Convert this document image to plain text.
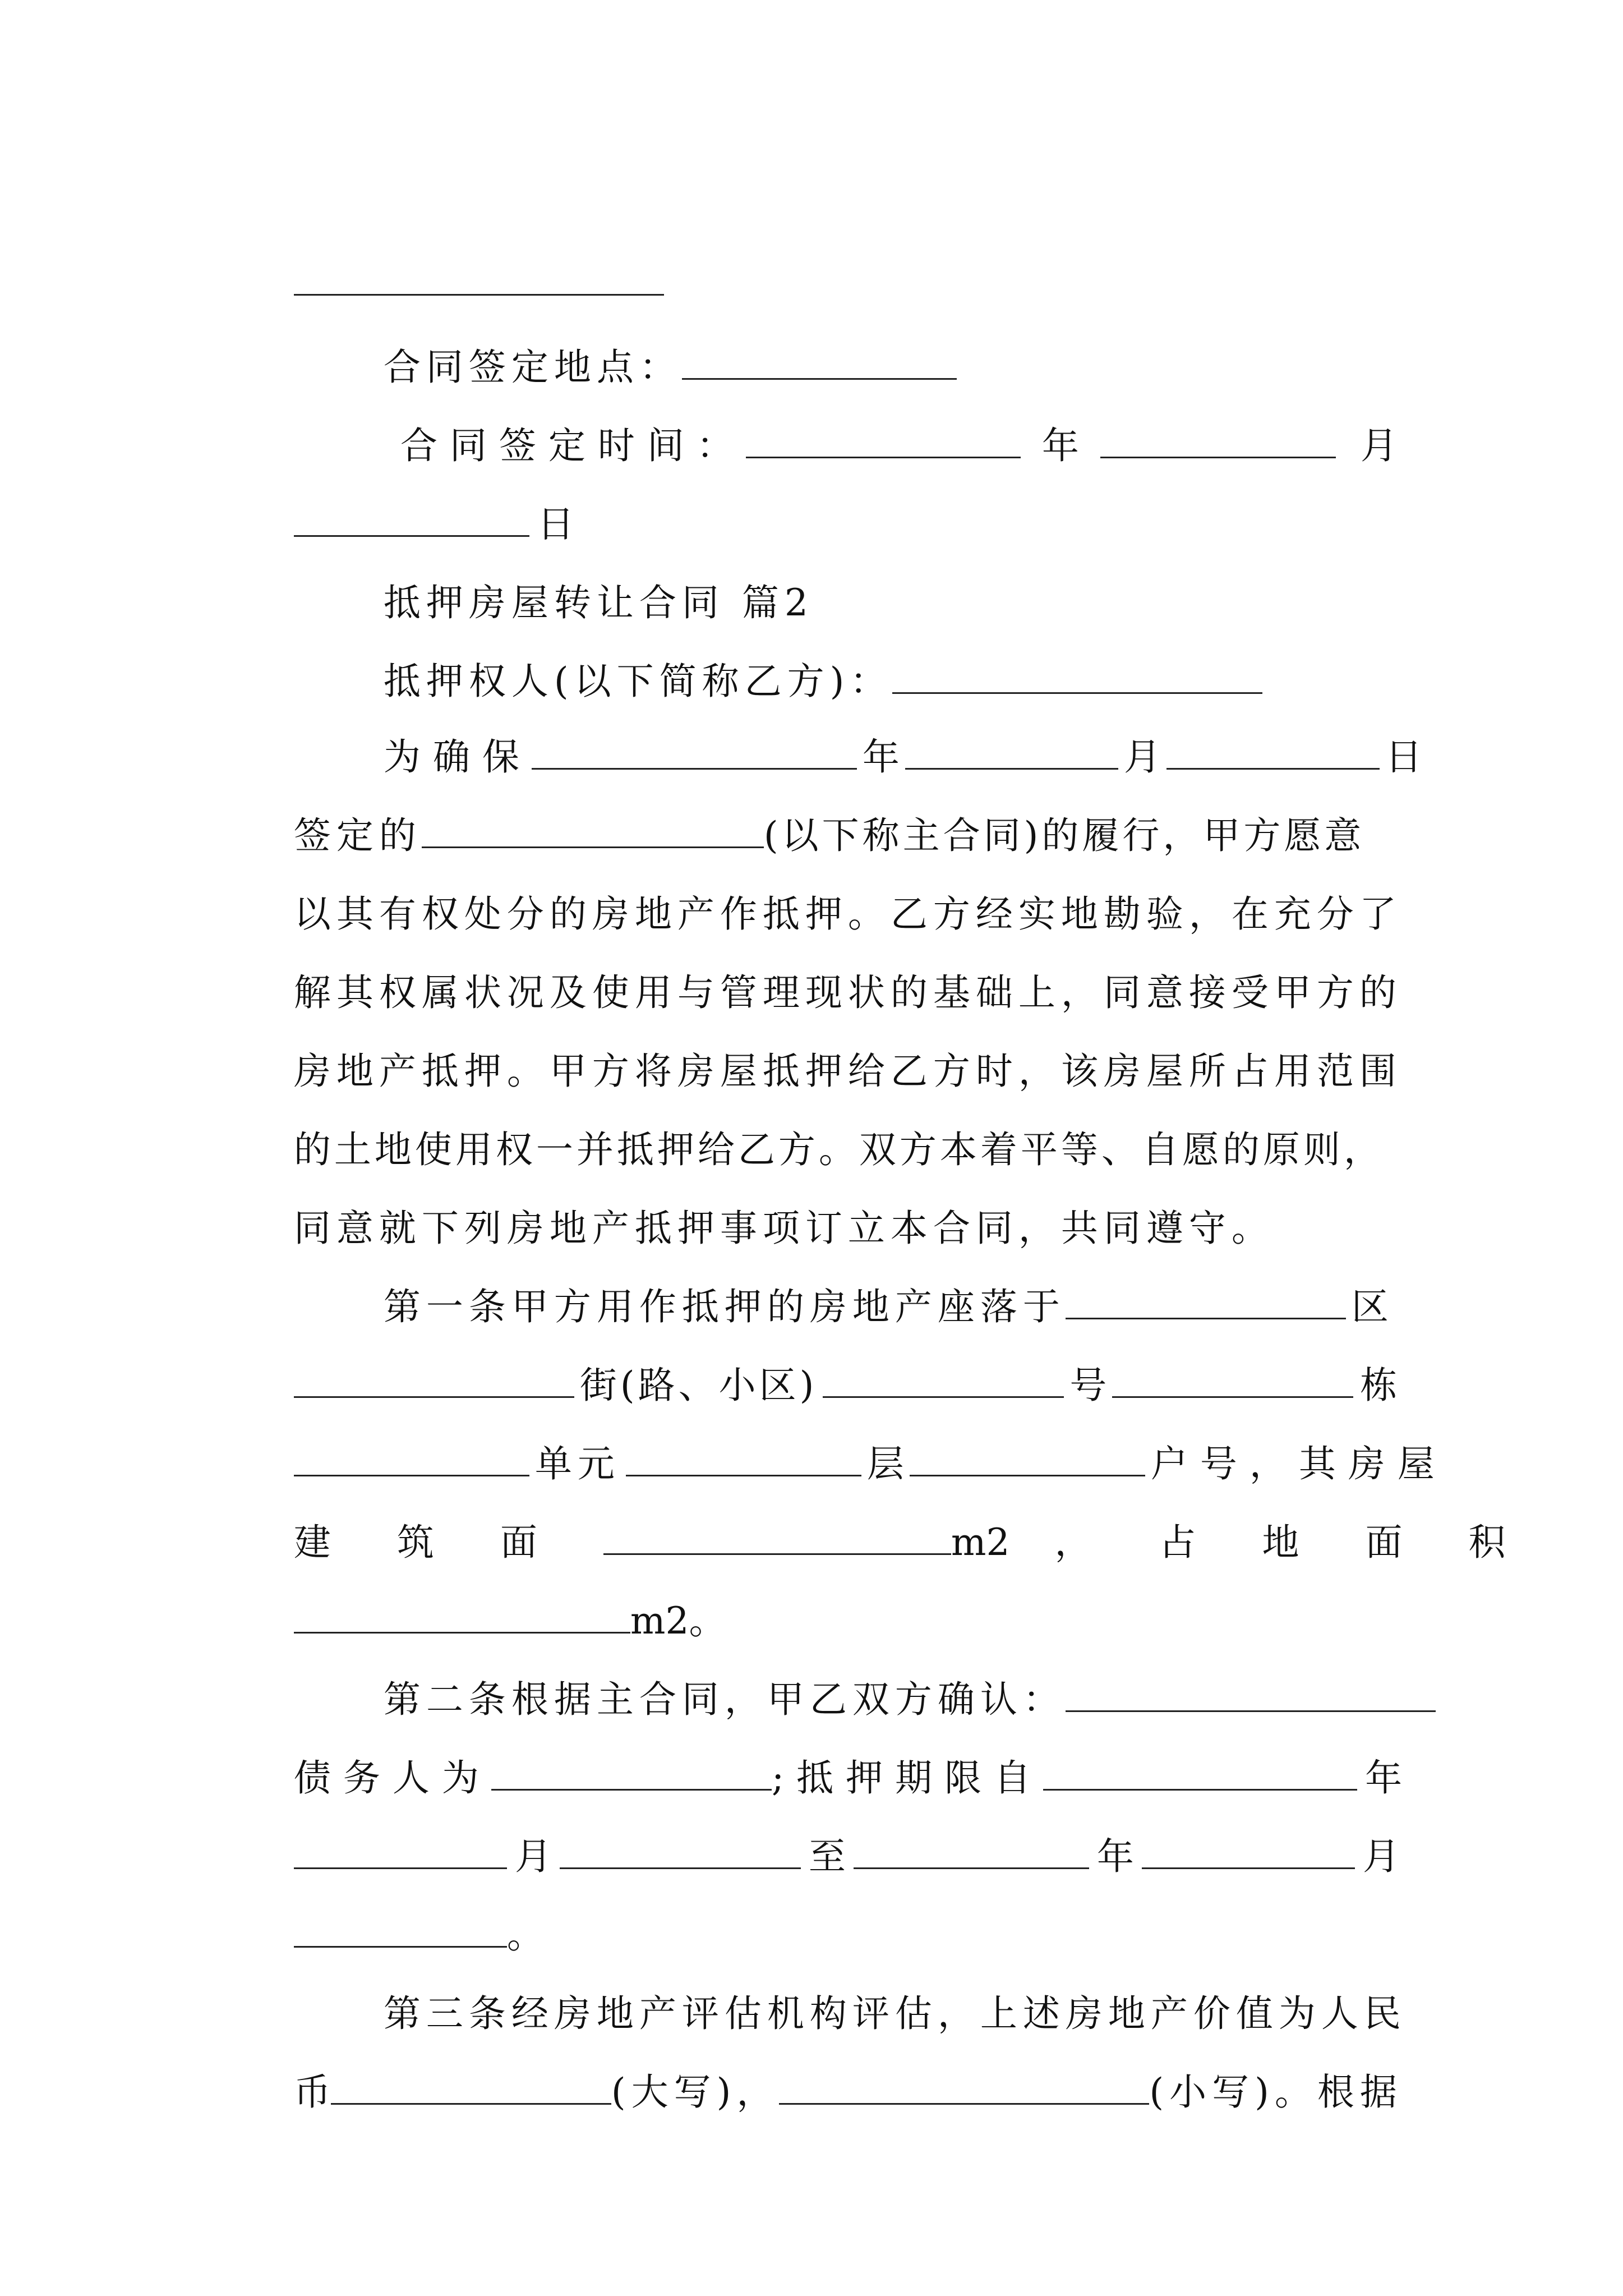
合同签定地点：

合同签定时间：	年	月

日

抵押房屋转让合同 篇2

抵押权人(以下简称乙方)：

为确保	年	月	日

签定的	(以下称主合同)的履行，甲方愿意

以其有权处分的房地产作抵押。乙方经实地勘验，在充分了

解其权属状况及使用与管理现状的基础上，同意接受甲方的

房地产抵押。甲方将房屋抵押给乙方时，该房屋所占用范围

的土地使用权一并抵押给乙方。双方本着平等、自愿的原则，

同意就下列房地产抵押事项订立本合同，共同遵守。

第一条甲方用作抵押的房地产座落于	区

街(路、小区)	号	栋

单元	层	户号，其房屋

建筑面	m2 ， 占地面积

m2。

第二条根据主合同，甲乙双方确认：

债务人为	;抵押期限自	年

月	至	年	月

。

第三条经房地产评估机构评估，上述房地产价值为人民

币	(大写)，	(小写)。根据
